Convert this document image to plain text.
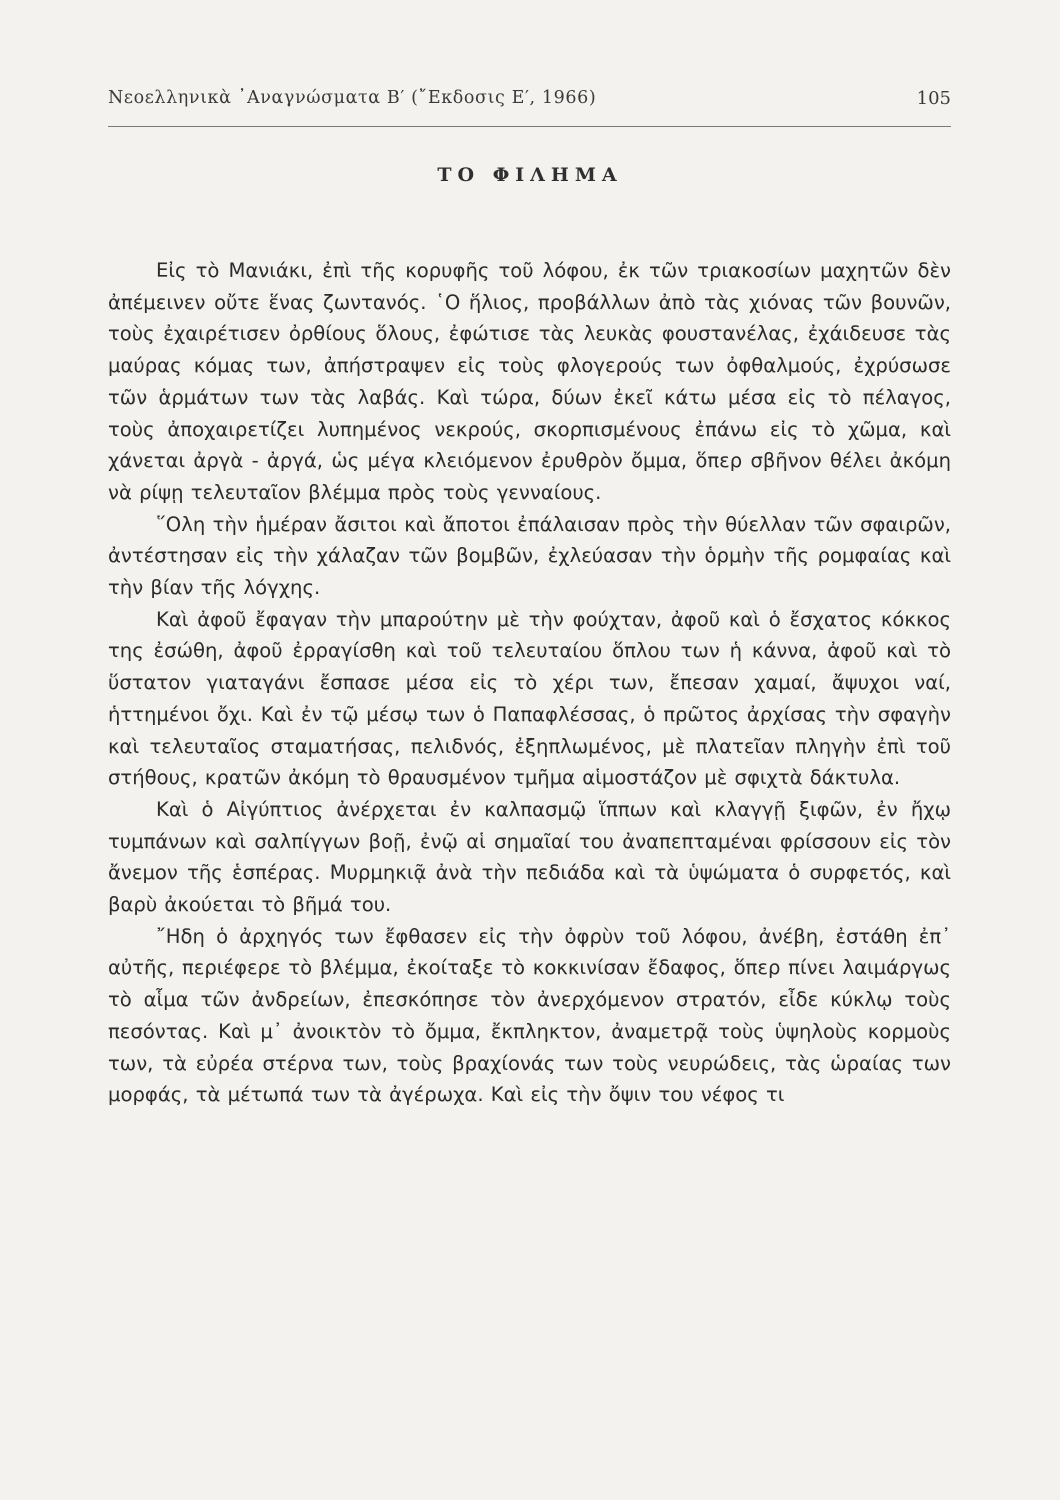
Νεοελληνικὰ ᾿Αναγνώσματα Β′ (῎Εκδοσις Ε′, 1966)	105
ΤΟ ΦΙΛΗΜΑ

Εἰς τὸ Μανιάκι, ἐπὶ τῆς κορυφῆς τοῦ λόφου, ἐκ τῶν τριακοσίων μαχητῶν δὲν ἀπέμεινεν οὔτε ἕνας ζωντανός. ῾Ο ἥλιος, προβάλλων ἀπὸ τὰς χιόνας τῶν βουνῶν, τοὺς ἐχαιρέτισεν ὀρθίους ὅλους, ἐφώτισε τὰς λευκὰς φουστανέλας, ἐχάιδευσε τὰς μαύρας κόμας των, ἀπήστραψεν εἰς τοὺς φλογερούς των ὀφθαλμούς, ἐχρύσωσε τῶν ἁρμάτων των τὰς λαβάς. Καὶ τώρα, δύων ἐκεῖ κάτω μέσα εἰς τὸ πέλαγος, τοὺς ἀποχαιρετίζει λυπημένος νεκρούς, σκορπισμένους ἐπάνω εἰς τὸ χῶμα, καὶ χάνεται ἀργὰ - ἀργά, ὡς μέγα κλειόμενον ἐρυθρὸν ὄμμα, ὅπερ σβῆνον θέλει ἀκόμη νὰ ρίψῃ τελευταῖον βλέμμα πρὸς τοὺς γενναίους.

῞Ολη τὴν ἡμέραν ἄσιτοι καὶ ἄποτοι ἐπάλαισαν πρὸς τὴν θύελλαν τῶν σφαιρῶν, ἀντέστησαν εἰς τὴν χάλαζαν τῶν βομβῶν, ἐχλεύασαν τὴν ὁρμὴν τῆς ρομφαίας καὶ τὴν βίαν τῆς λόγχης.

Καὶ ἀφοῦ ἔφαγαν τὴν μπαρούτην μὲ τὴν φούχταν, ἀφοῦ καὶ ὁ ἔσχατος κόκκος της ἐσώθη, ἀφοῦ ἐρραγίσθη καὶ τοῦ τελευταίου ὅπλου των ἡ κάννα, ἀφοῦ καὶ τὸ ὕστατον γιαταγάνι ἔσπασε μέσα εἰς τὸ χέρι των, ἔπεσαν χαμαί, ἄψυχοι ναί, ἡττημένοι ὄχι. Καὶ ἐν τῷ μέσῳ των ὁ Παπαφλέσσας, ὁ πρῶτος ἀρχίσας τὴν σφαγὴν καὶ τελευταῖος σταματήσας, πελιδνός, ἐξηπλωμένος, μὲ πλατεῖαν πληγὴν ἐπὶ τοῦ στήθους, κρατῶν ἀκόμη τὸ θραυσμένον τμῆμα αἱμοστάζον μὲ σφιχτὰ δάκτυλα.

Καὶ ὁ Αἰγύπτιος ἀνέρχεται ἐν καλπασμῷ ἵππων καὶ κλαγγῇ ξιφῶν, ἐν ἤχῳ τυμπάνων καὶ σαλπίγγων βοῇ, ἐνῷ αἱ σημαῖαί του ἀναπεπταμέναι φρίσσουν εἰς τὸν ἄνεμον τῆς ἑσπέρας. Μυρμηκιᾷ ἀνὰ τὴν πεδιάδα καὶ τὰ ὑψώματα ὁ συρφετός, καὶ βαρὺ ἀκούεται τὸ βῆμά του.

῎Ηδη ὁ ἀρχηγός των ἔφθασεν εἰς τὴν ὀφρὺν τοῦ λόφου, ἀνέβη, ἐστάθη ἐπ᾿ αὐτῆς, περιέφερε τὸ βλέμμα, ἐκοίταξε τὸ κοκκινίσαν ἔδαφος, ὅπερ πίνει λαιμάργως τὸ αἷμα τῶν ἀνδρείων, ἐπεσκόπησε τὸν ἀνερχόμενον στρατόν, εἶδε κύκλῳ τοὺς πεσόντας. Καὶ μ᾿ ἀνοικτὸν τὸ ὄμμα, ἔκπληκτον, ἀναμετρᾷ τοὺς ὑψηλοὺς κορμοὺς των, τὰ εὐρέα στέρνα των, τοὺς βραχίονάς των τοὺς νευρώδεις, τὰς ὡραίας των μορφάς, τὰ μέτωπά των τὰ ἀγέρωχα. Καὶ εἰς τὴν ὄψιν του νέφος τι
